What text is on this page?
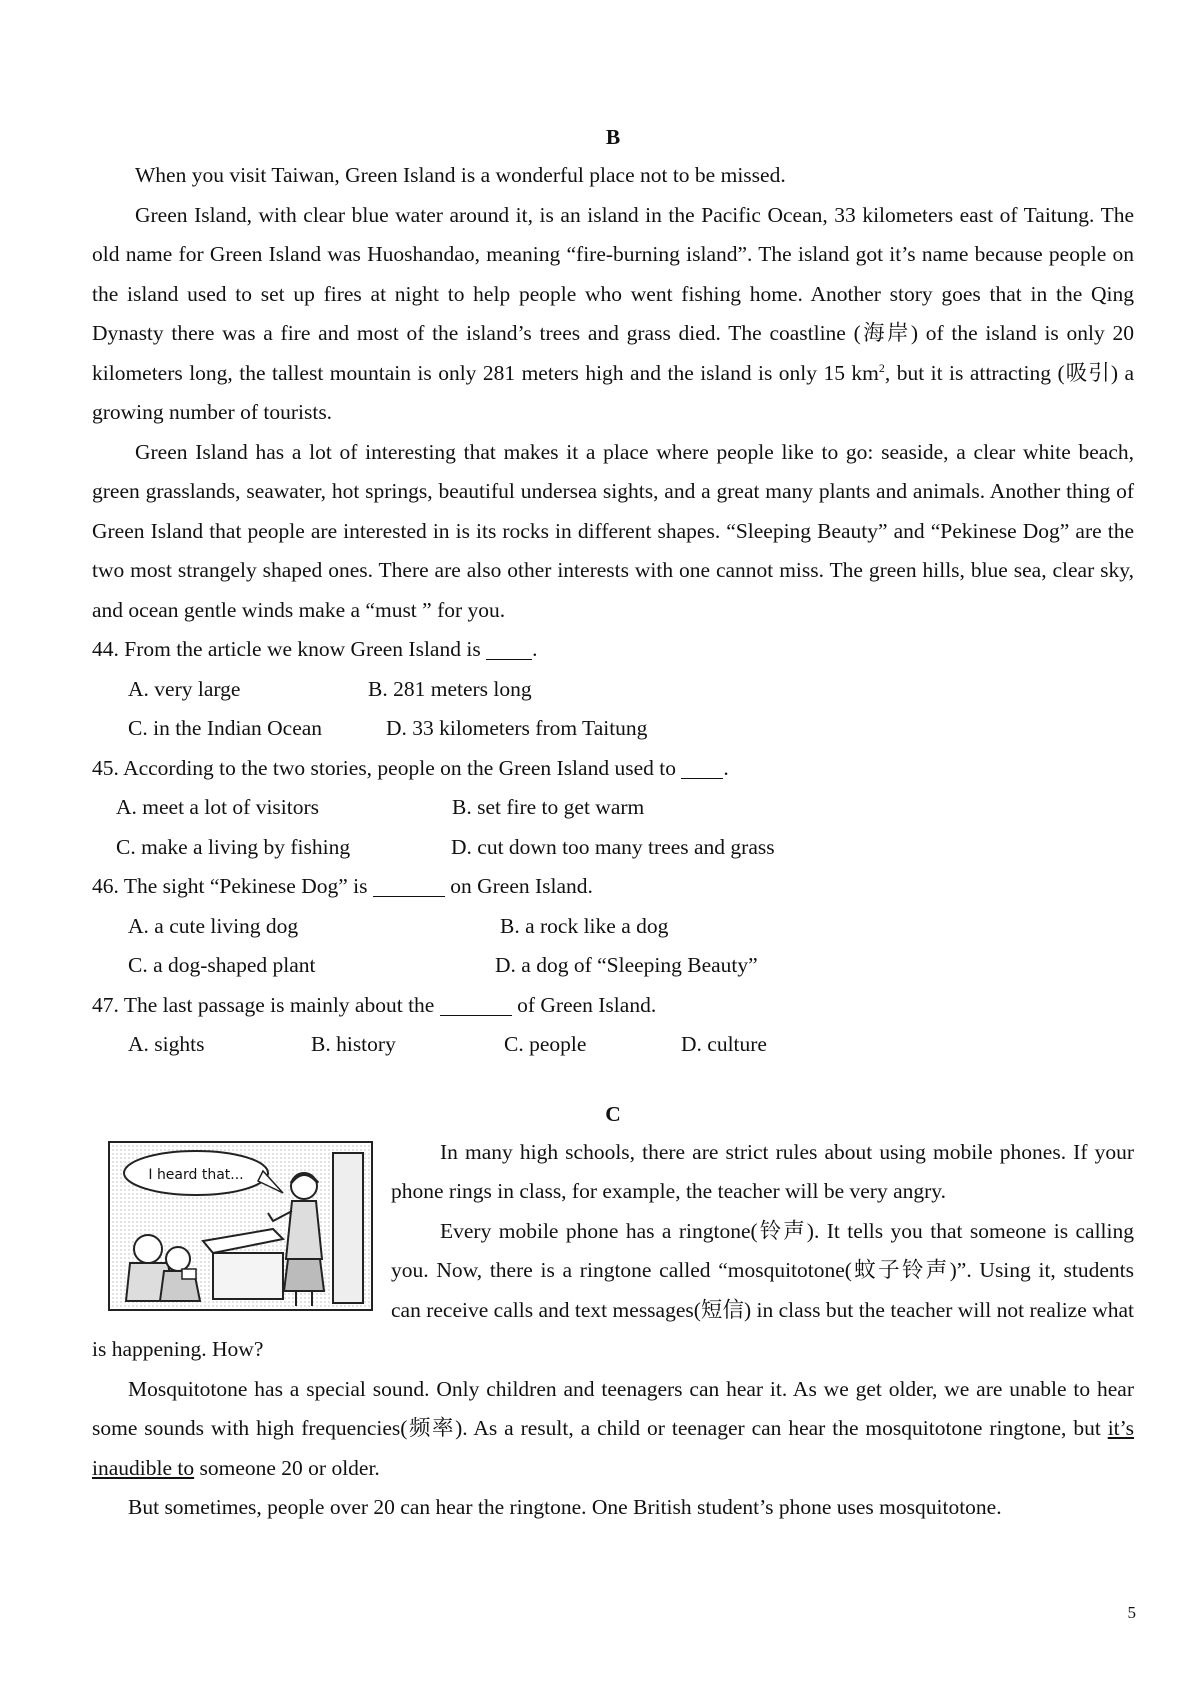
B

When you visit Taiwan, Green Island is a wonderful place not to be missed.

Green Island, with clear blue water around it, is an island in the Pacific Ocean, 33 kilometers east of Taitung. The old name for Green Island was Huoshandao, meaning “fire-burning island”. The island got it’s name because people on the island used to set up fires at night to help people who went fishing home. Another story goes that in the Qing Dynasty there was a fire and most of the island’s trees and grass died. The coastline (海岸) of the island is only 20 kilometers long, the tallest mountain is only 281 meters high and the island is only 15 $km^2$, but it is attracting (吸引) a growing number of tourists.

Green Island has a lot of interesting that makes it a place where people like to go: seaside, a clear white beach, green grasslands, seawater, hot springs, beautiful undersea sights, and a great many plants and animals. Another thing of Green Island that people are interested in is its rocks in different shapes. “Sleeping Beauty” and “Pekinese Dog” are the two most strangely shaped ones. There are also other interests with one cannot miss. The green hills, blue sea, clear sky, and ocean gentle winds make a “must ” for you.

44. From the article we know Green Island is .

A. very large	B. 281 meters long
C. in the Indian Ocean	D. 33 kilometers from Taitung

45. According to the two stories, people on the Green Island used to .

A. meet a lot of visitors	B. set fire to get warm
C. make a living by fishing	D. cut down too many trees and grass

46. The sight “Pekinese Dog” is	on Green Island.

A. a cute living dog	B. a rock like a dog
C. a dog-shaped plant	D. a dog of “Sleeping Beauty”

47. The last passage is mainly about the	of Green Island.

A. sights	B. history	C. people	D. culture
C
I heard that...

In many high schools, there are strict rules about using mobile phones. If your phone rings in class, for example, the teacher will be very angry.

Every mobile phone has a ringtone(铃声). It tells you that someone is calling you. Now, there is a ringtone called “mosquitotone(蚊子铃声)”. Using it, students can receive calls and text messages(短信) in class but the teacher will not realize what is happening. How?

Mosquitotone has a special sound. Only children and teenagers can hear it. As we get older, we are unable to hear some sounds with high frequencies(频率). As a result, a child or teenager can hear the mosquitotone ringtone, but it’s inaudible to someone 20 or older.

But sometimes, people over 20 can hear the ringtone. One British student’s phone uses mosquitotone.

5
